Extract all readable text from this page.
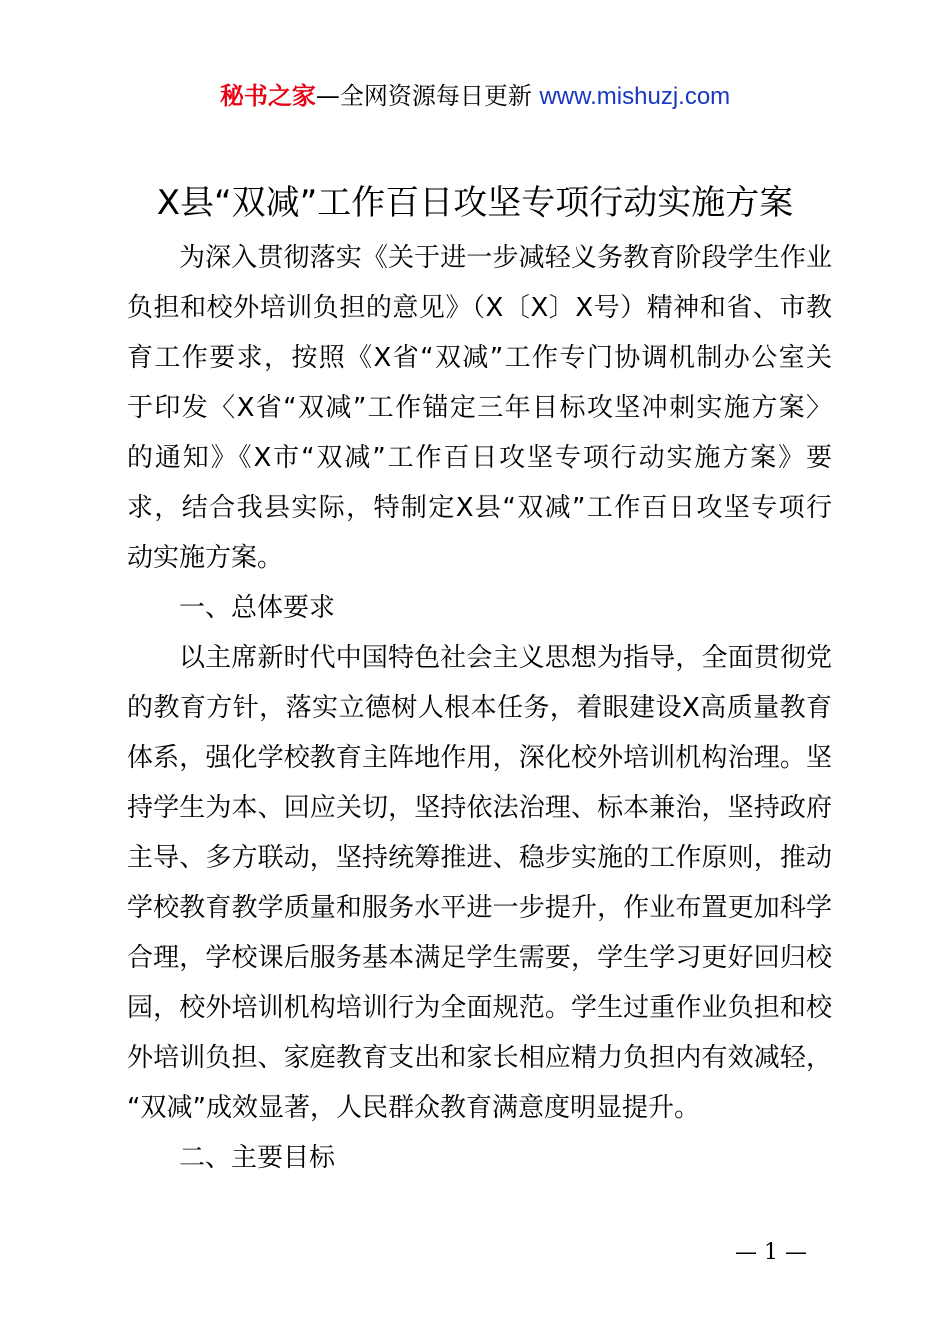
秘书之家—全网资源每日更新 www.mishuzj.com
X县“双减”工作百日攻坚专项行动实施方案
为深入贯彻落实《关于进一步减轻义务教育阶段学生作业
负担和校外培训负担的意见》（X〔X〕X号）精神和省、市教
育工作要求，按照《X省“双减”工作专门协调机制办公室关
于印发〈X省“双减”工作锚定三年目标攻坚冲刺实施方案〉
的通知》《X市“双减”工作百日攻坚专项行动实施方案》要
求，结合我县实际，特制定X县“双减”工作百日攻坚专项行
动实施方案。
一、总体要求
以主席新时代中国特色社会主义思想为指导，全面贯彻党
的教育方针，落实立德树人根本任务，着眼建设X高质量教育
体系，强化学校教育主阵地作用，深化校外培训机构治理。坚
持学生为本、回应关切，坚持依法治理、标本兼治，坚持政府
主导、多方联动，坚持统筹推进、稳步实施的工作原则，推动
学校教育教学质量和服务水平进一步提升，作业布置更加科学
合理，学校课后服务基本满足学生需要，学生学习更好回归校
园，校外培训机构培训行为全面规范。学生过重作业负担和校
外培训负担、家庭教育支出和家长相应精力负担内有效减轻，
“双减”成效显著，人民群众教育满意度明显提升。
二、主要目标
— 1 —
